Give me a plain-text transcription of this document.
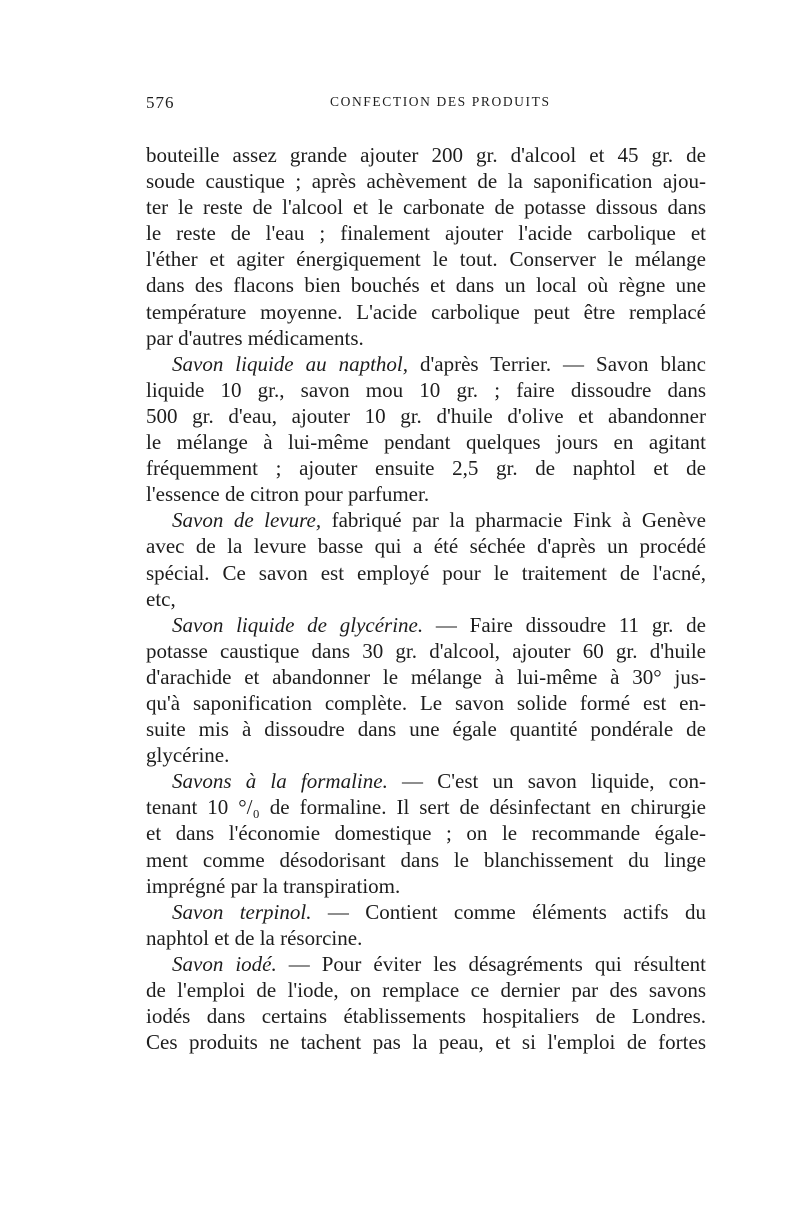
576	CONFECTION DES PRODUITS

bouteille assez grande ajouter 200 gr. d'alcool et 45 gr. de

soude caustique ; après achèvement de la saponification ajou-

ter le reste de l'alcool et le carbonate de potasse dissous dans

le reste de l'eau ; finalement ajouter l'acide carbolique et

l'éther et agiter énergiquement le tout. Conserver le mélange

dans des flacons bien bouchés et dans un local où règne une

température moyenne. L'acide carbolique peut être remplacé

par d'autres médicaments.

Savon liquide au napthol, d'après Terrier. — Savon blanc

liquide 10 gr., savon mou 10 gr. ; faire dissoudre dans

500 gr. d'eau, ajouter 10 gr. d'huile d'olive et abandonner

le mélange à lui-même pendant quelques jours en agitant

fréquemment ; ajouter ensuite 2,5 gr. de naphtol et de

l'essence de citron pour parfumer.

Savon de levure, fabriqué par la pharmacie Fink à Genève

avec de la levure basse qui a été séchée d'après un procédé

spécial. Ce savon est employé pour le traitement de l'acné,

etc,

Savon liquide de glycérine. — Faire dissoudre 11 gr. de

potasse caustique dans 30 gr. d'alcool, ajouter 60 gr. d'huile

d'arachide et abandonner le mélange à lui-même à 30° jus-

qu'à saponification complète. Le savon solide formé est en-

suite mis à dissoudre dans une égale quantité pondérale de

glycérine.

Savons à la formaline. — C'est un savon liquide, con-

tenant 10 °/₀ de formaline. Il sert de désinfectant en chirurgie

et dans l'économie domestique ; on le recommande égale-

ment comme désodorisant dans le blanchissement du linge

imprégné par la transpiratiom.

Savon terpinol. — Contient comme éléments actifs du

naphtol et de la résorcine.

Savon iodé. — Pour éviter les désagréments qui résultent

de l'emploi de l'iode, on remplace ce dernier par des savons

iodés dans certains établissements hospitaliers de Londres.

Ces produits ne tachent pas la peau, et si l'emploi de fortes
